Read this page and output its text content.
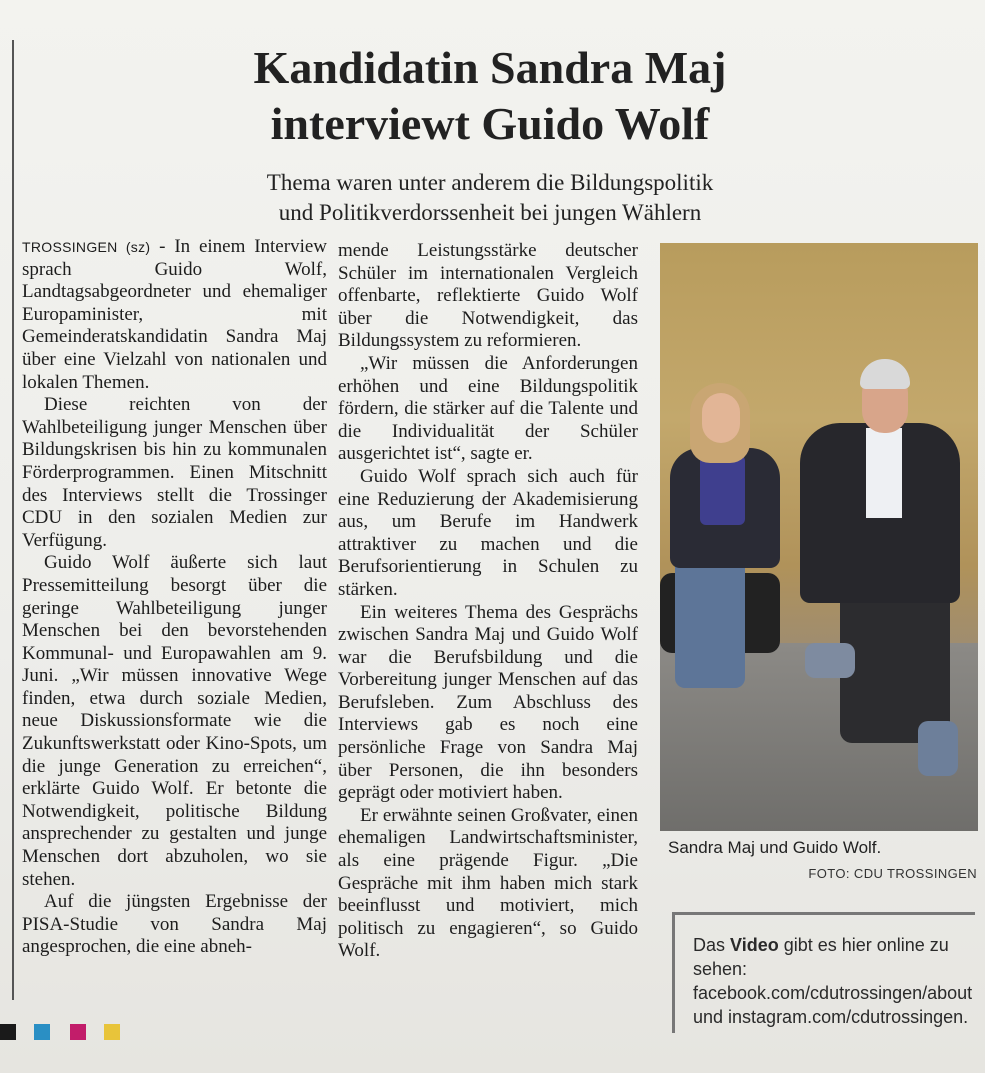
Kandidatin Sandra Maj
interviewt Guido Wolf
Thema waren unter anderem die Bildungspolitik
und Politikverdorssenheit bei jungen Wählern

TROSSINGEN (sz) - In einem Interview sprach Guido Wolf, Landtagsabgeordneter und ehemaliger Europaminister, mit Gemeinderatskandidatin Sandra Maj über eine Vielzahl von nationalen und lokalen Themen.

Diese reichten von der Wahlbeteiligung junger Menschen über Bildungskrisen bis hin zu kommunalen Förderprogrammen. Einen Mitschnitt des Interviews stellt die Trossinger CDU in den sozialen Medien zur Verfügung.

Guido Wolf äußerte sich laut Pressemitteilung besorgt über die geringe Wahlbeteiligung junger Menschen bei den bevorstehenden Kommunal- und Europawahlen am 9. Juni. „Wir müssen innovative Wege finden, etwa durch soziale Medien, neue Diskussionsformate wie die Zukunftswerkstatt oder Kino-Spots, um die junge Generation zu erreichen“, erklärte Guido Wolf. Er betonte die Notwendigkeit, politische Bildung ansprechender zu gestalten und junge Menschen dort abzuholen, wo sie stehen.

Auf die jüngsten Ergebnisse der PISA-Studie von Sandra Maj angesprochen, die eine abneh-

mende Leistungsstärke deutscher Schüler im internationalen Vergleich offenbarte, reflektierte Guido Wolf über die Notwendigkeit, das Bildungssystem zu reformieren.

„Wir müssen die Anforderungen erhöhen und eine Bildungspolitik fördern, die stärker auf die Talente und die Individualität der Schüler ausgerichtet ist“, sagte er.

Guido Wolf sprach sich auch für eine Reduzierung der Akademisierung aus, um Berufe im Handwerk attraktiver zu machen und die Berufsorientierung in Schulen zu stärken.

Ein weiteres Thema des Gesprächs zwischen Sandra Maj und Guido Wolf war die Berufsbildung und die Vorbereitung junger Menschen auf das Berufsleben. Zum Abschluss des Interviews gab es noch eine persönliche Frage von Sandra Maj über Personen, die ihn besonders geprägt oder motiviert haben.

Er erwähnte seinen Großvater, einen ehemaligen Landwirtschaftsminister, als eine prägende Figur. „Die Gespräche mit ihm haben mich stark beeinflusst und motiviert, mich politisch zu engagieren“, so Guido Wolf.

Sandra Maj und Guido Wolf.
FOTO: CDU TROSSINGEN
Das Video gibt es hier online zu sehen: facebook.com/cdutrossingen/about und instagram.com/cdutrossingen.
